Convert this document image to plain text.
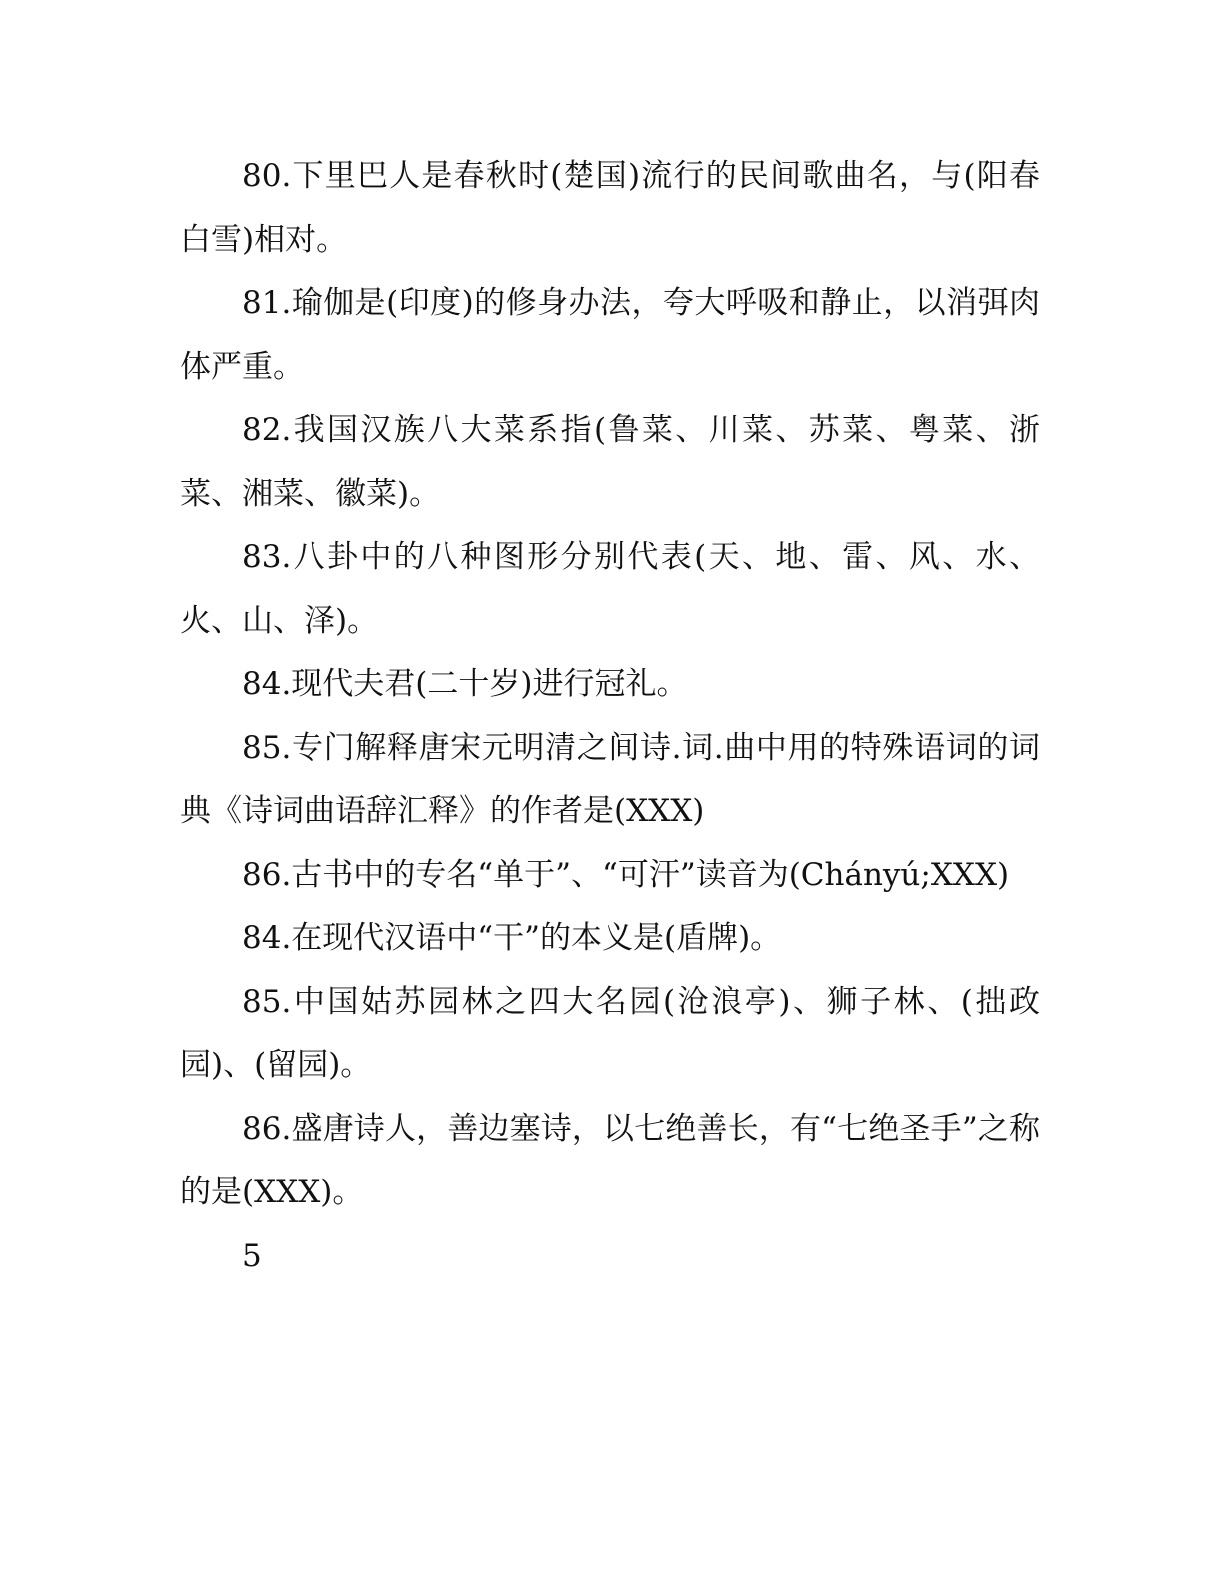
80.下里巴人是春秋时(楚国)流行的民间歌曲名，与(阳春白雪)相对。

81.瑜伽是(印度)的修身办法，夸大呼吸和静止，以消弭肉体严重。

82.我国汉族八大菜系指(鲁菜、川菜、苏菜、粤菜、浙菜、湘菜、徽菜)。

83.八卦中的八种图形分别代表(天、地、雷、风、水、火、山、泽)。

84.现代夫君(二十岁)进行冠礼。

85.专门解释唐宋元明清之间诗.词.曲中用的特殊语词的词典《诗词曲语辞汇释》的作者是(XXX)

86.古书中的专名“单于”、“可汗”读音为(Chányú;XXX)

84.在现代汉语中“干”的本义是(盾牌)。

85.中国姑苏园林之四大名园(沧浪亭)、狮子林、(拙政园)、(留园)。

86.盛唐诗人，善边塞诗，以七绝善长，有“七绝圣手”之称的是(XXX)。

5
